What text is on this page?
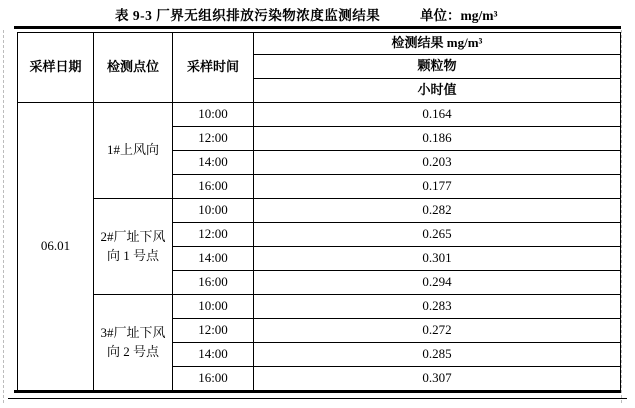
表 9-3 厂界无组织排放污染物浓度监测结果	单位：mg/m³
采样日期	检测点位	采样时间	检测结果 mg/m³
			颗粒物
			小时值
06.01	1#上风向	10:00	0.164
		12:00	0.186
		14:00	0.203
		16:00	0.177
	2#厂址下风向 1 号点	10:00	0.282
		12:00	0.265
		14:00	0.301
		16:00	0.294
	3#厂址下风向 2 号点	10:00	0.283
		12:00	0.272
		14:00	0.285
		16:00	0.307
